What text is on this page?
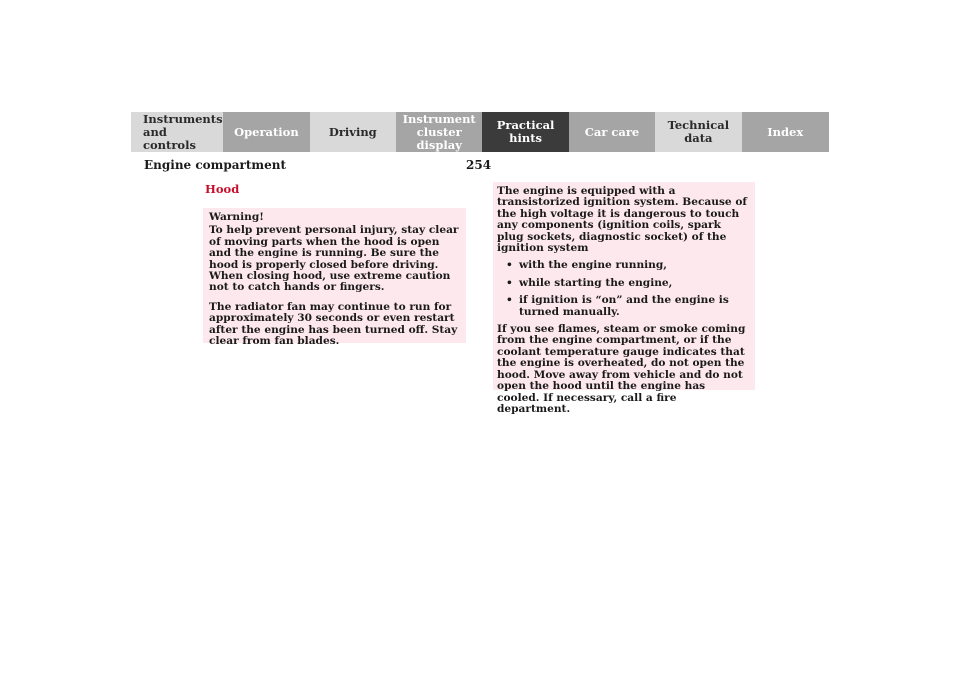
Instruments
and controls
Operation	Driving
Instrument
cluster display
Practical hints	Car care	Technical
data	Index
Engine compartment	254
Hood

Warning!

To help prevent personal injury, stay clear of moving parts when the hood is open and the engine is running. Be sure the hood is properly closed before driving. When closing hood, use extreme caution not to catch hands or fingers.

The radiator fan may continue to run for approximately 30 seconds or even restart after the engine has been turned off. Stay clear from fan blades.

The engine is equipped with a transistorized ignition system. Because of the high voltage it is dangerous to touch any components (ignition coils, spark plug sockets, diagnostic socket) of the ignition system

• with the engine running,
• while starting the engine,
• if ignition is “on” and the engine is turned manually.

If you see flames, steam or smoke coming from the engine compartment, or if the coolant temperature gauge indicates that the engine is overheated, do not open the hood. Move away from vehicle and do not open the hood until the engine has cooled. If necessary, call a fire department.
